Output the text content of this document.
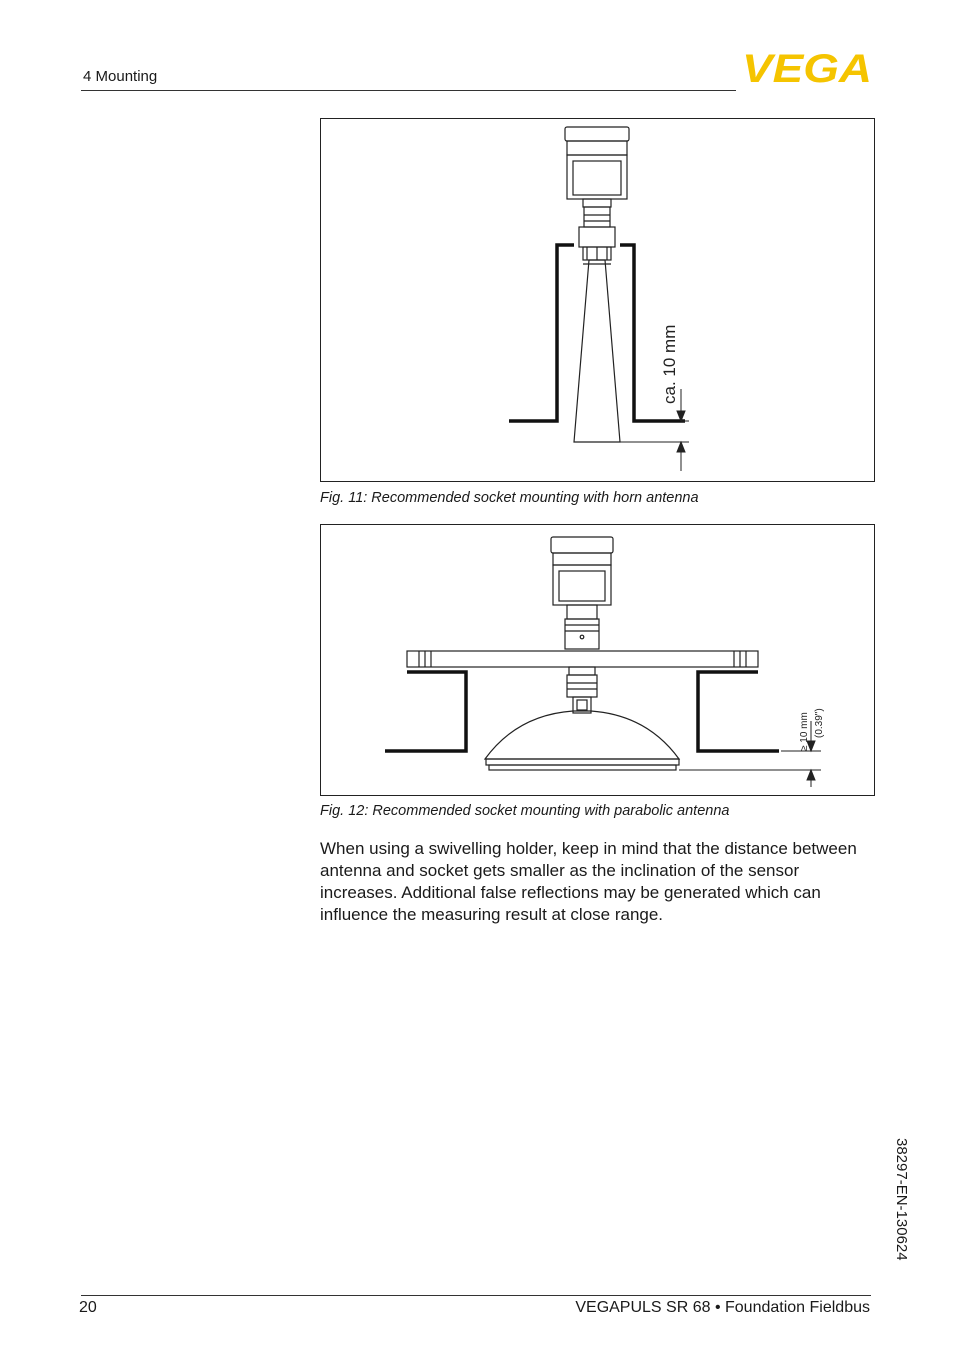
4 Mounting	VEGA
ca. 10 mm
Fig. 11: Recommended socket mounting with horn antenna
≥ 10 mm (0.39")
Fig. 12: Recommended socket mounting with parabolic antenna

When using a swivelling holder, keep in mind that the distance between antenna and socket gets smaller as the inclination of the sensor increases. Additional false reflections may be generated which can influence the measuring result at close range.

38297-EN-130624
20	VEGAPULS SR 68 • Foundation Fieldbus
